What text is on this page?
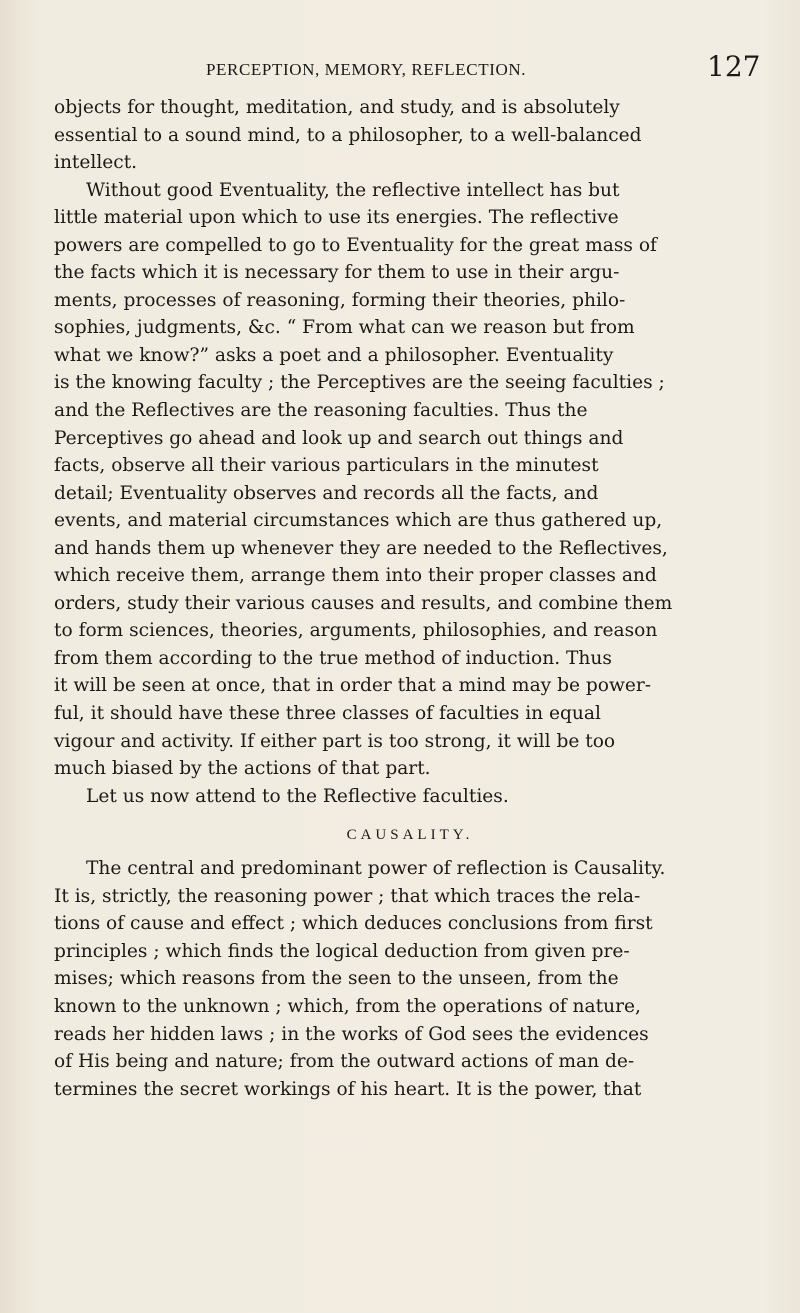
PERCEPTION, MEMORY, REFLECTION.	127
objects for thought, meditation, and study, and is absolutely
essential to a sound mind, to a philosopher, to a well-balanced
intellect.
Without good Eventuality, the reflective intellect has but
little material upon which to use its energies. The reflective
powers are compelled to go to Eventuality for the great mass of
the facts which it is necessary for them to use in their argu-
ments, processes of reasoning, forming their theories, philo-
sophies, judgments, &c. “ From what can we reason but from
what we know?” asks a poet and a philosopher. Eventuality
is the knowing faculty ; the Perceptives are the seeing faculties ;
and the Reflectives are the reasoning faculties. Thus the
Perceptives go ahead and look up and search out things and
facts, observe all their various particulars in the minutest
detail; Eventuality observes and records all the facts, and
events, and material circumstances which are thus gathered up,
and hands them up whenever they are needed to the Reflectives,
which receive them, arrange them into their proper classes and
orders, study their various causes and results, and combine them
to form sciences, theories, arguments, philosophies, and reason
from them according to the true method of induction. Thus
it will be seen at once, that in order that a mind may be power-
ful, it should have these three classes of faculties in equal
vigour and activity. If either part is too strong, it will be too
much biased by the actions of that part.
Let us now attend to the Reflective faculties.
CAUSALITY.
The central and predominant power of reflection is Causality.
It is, strictly, the reasoning power ; that which traces the rela-
tions of cause and effect ; which deduces conclusions from first
principles ; which finds the logical deduction from given pre-
mises; which reasons from the seen to the unseen, from the
known to the unknown ; which, from the operations of nature,
reads her hidden laws ; in the works of God sees the evidences
of His being and nature; from the outward actions of man de-
termines the secret workings of his heart. It is the power, that
